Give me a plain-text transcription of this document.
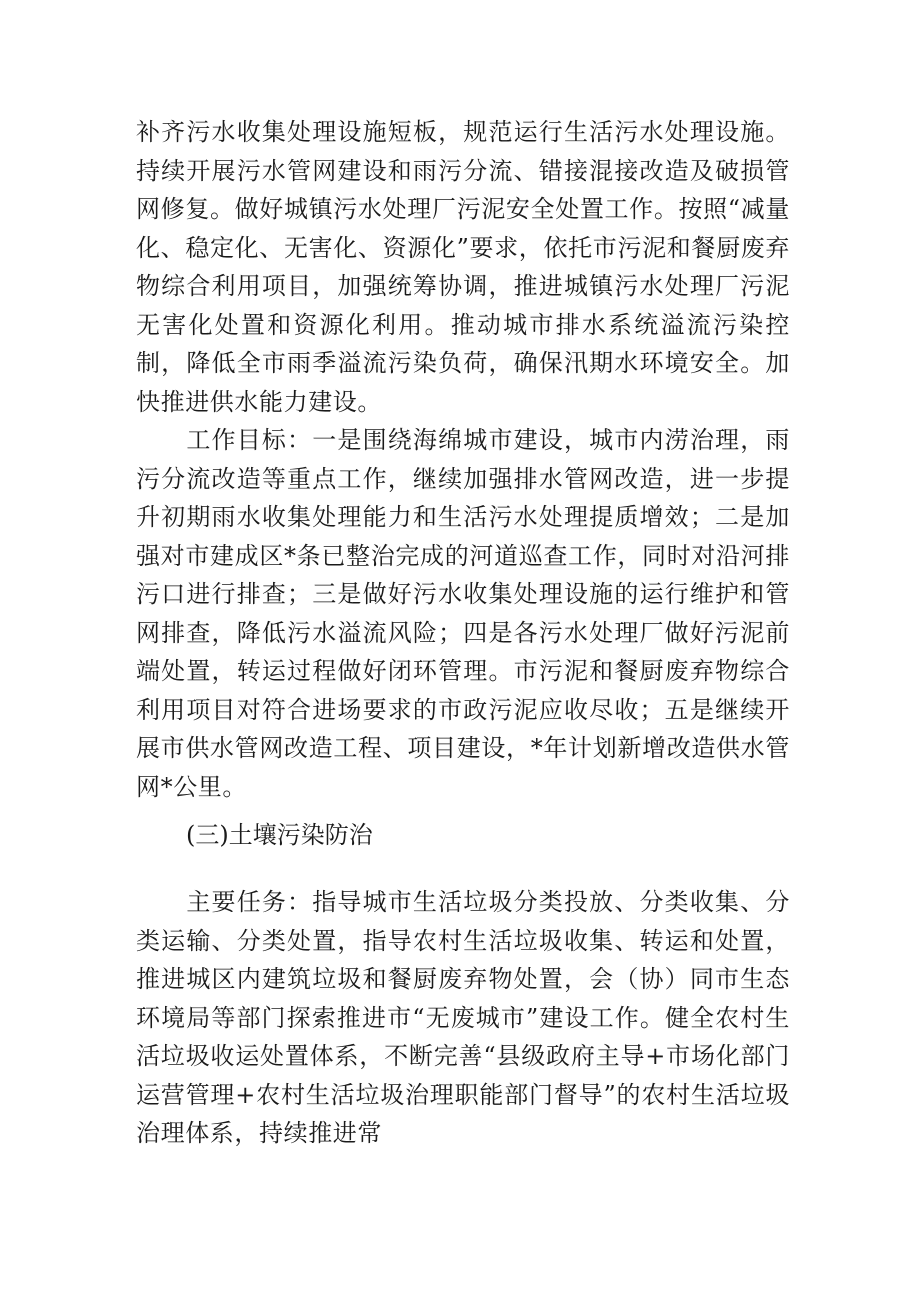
补齐污水收集处理设施短板，规范运行生活污水处理设施。持续开展污水管网建设和雨污分流、错接混接改造及破损管网修复。做好城镇污水处理厂污泥安全处置工作。按照“减量化、稳定化、无害化、资源化”要求，依托市污泥和餐厨废弃物综合利用项目，加强统筹协调，推进城镇污水处理厂污泥无害化处置和资源化利用。推动城市排水系统溢流污染控制，降低全市雨季溢流污染负荷，确保汛期水环境安全。加快推进供水能力建设。

　　工作目标：一是围绕海绵城市建设，城市内涝治理，雨污分流改造等重点工作，继续加强排水管网改造，进一步提升初期雨水收集处理能力和生活污水处理提质增效；二是加强对市建成区*条已整治完成的河道巡查工作，同时对沿河排污口进行排查；三是做好污水收集处理设施的运行维护和管网排查，降低污水溢流风险；四是各污水处理厂做好污泥前端处置，转运过程做好闭环管理。市污泥和餐厨废弃物综合利用项目对符合进场要求的市政污泥应收尽收；五是继续开展市供水管网改造工程、项目建设，*年计划新增改造供水管网*公里。

(三)土壤污染防治

　　主要任务：指导城市生活垃圾分类投放、分类收集、分类运输、分类处置，指导农村生活垃圾收集、转运和处置，推进城区内建筑垃圾和餐厨废弃物处置，会（协）同市生态环境局等部门探索推进市“无废城市”建设工作。健全农村生活垃圾收运处置体系，不断完善“县级政府主导+市场化部门运营管理+农村生活垃圾治理职能部门督导”的农村生活垃圾治理体系，持续推进常
